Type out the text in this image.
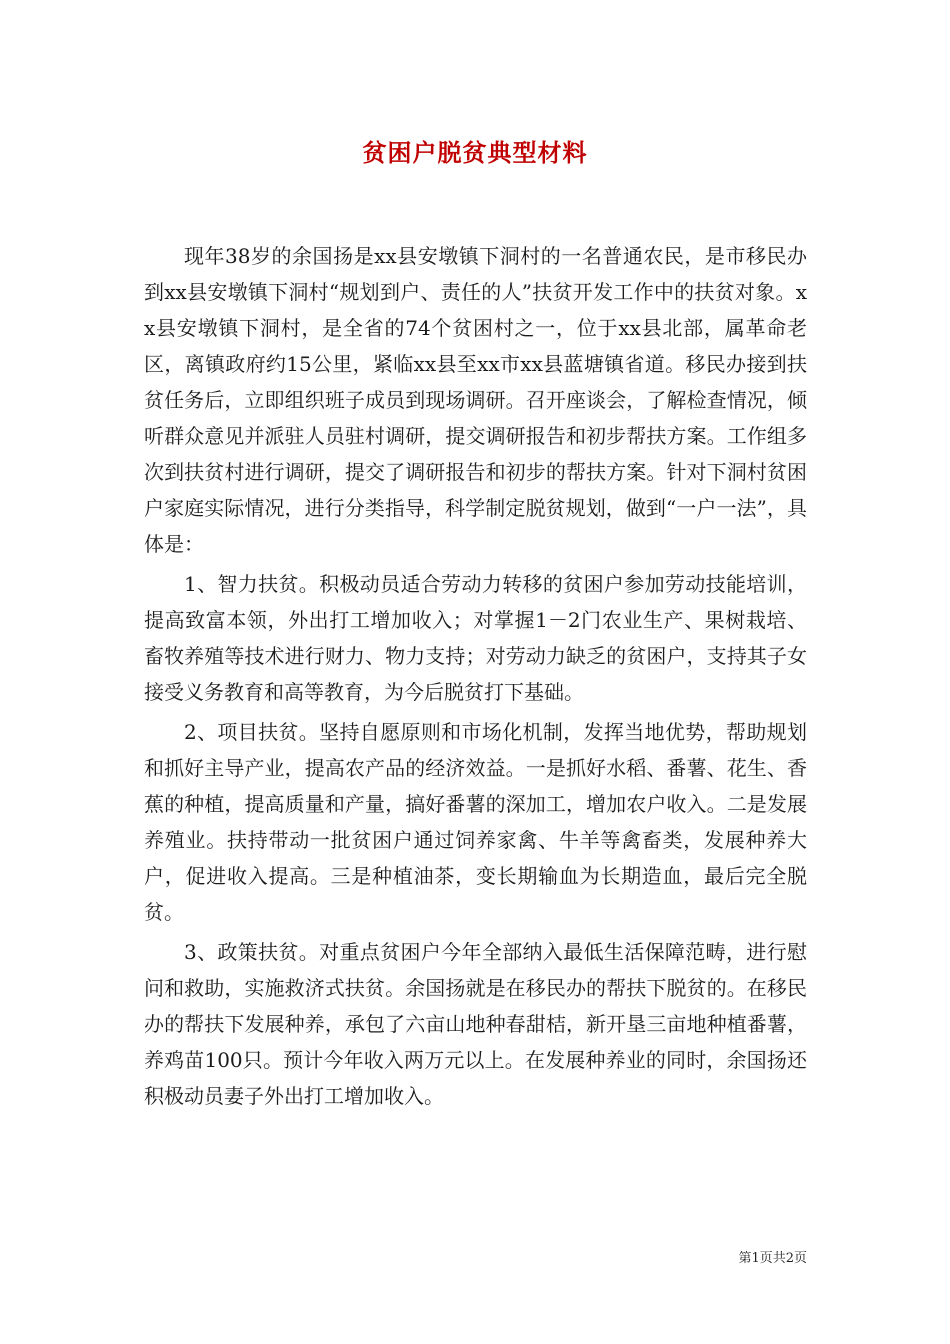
贫困户脱贫典型材料

现年38岁的余国扬是xx县安墩镇下洞村的一名普通农民，是市移民办到xx县安墩镇下洞村“规划到户、责任的人”扶贫开发工作中的扶贫对象。xx县安墩镇下洞村，是全省的74个贫困村之一，位于xx县北部，属革命老区，离镇政府约15公里，紧临xx县至xx市xx县蓝塘镇省道。移民办接到扶贫任务后，立即组织班子成员到现场调研。召开座谈会，了解检查情况，倾听群众意见并派驻人员驻村调研，提交调研报告和初步帮扶方案。工作组多次到扶贫村进行调研，提交了调研报告和初步的帮扶方案。针对下洞村贫困户家庭实际情况，进行分类指导，科学制定脱贫规划，做到“一户一法”，具体是：

1、智力扶贫。积极动员适合劳动力转移的贫困户参加劳动技能培训，提高致富本领，外出打工增加收入；对掌握1－2门农业生产、果树栽培、畜牧养殖等技术进行财力、物力支持；对劳动力缺乏的贫困户，支持其子女接受义务教育和高等教育，为今后脱贫打下基础。

2、项目扶贫。坚持自愿原则和市场化机制，发挥当地优势，帮助规划和抓好主导产业，提高农产品的经济效益。一是抓好水稻、番薯、花生、香蕉的种植，提高质量和产量，搞好番薯的深加工，增加农户收入。二是发展养殖业。扶持带动一批贫困户通过饲养家禽、牛羊等禽畜类，发展种养大户，促进收入提高。三是种植油茶，变长期输血为长期造血，最后完全脱贫。

3、政策扶贫。对重点贫困户今年全部纳入最低生活保障范畴，进行慰问和救助，实施救济式扶贫。余国扬就是在移民办的帮扶下脱贫的。在移民办的帮扶下发展种养，承包了六亩山地种春甜桔，新开垦三亩地种植番薯，养鸡苗100只。预计今年收入两万元以上。在发展种养业的同时，余国扬还积极动员妻子外出打工增加收入。

第1页共2页
